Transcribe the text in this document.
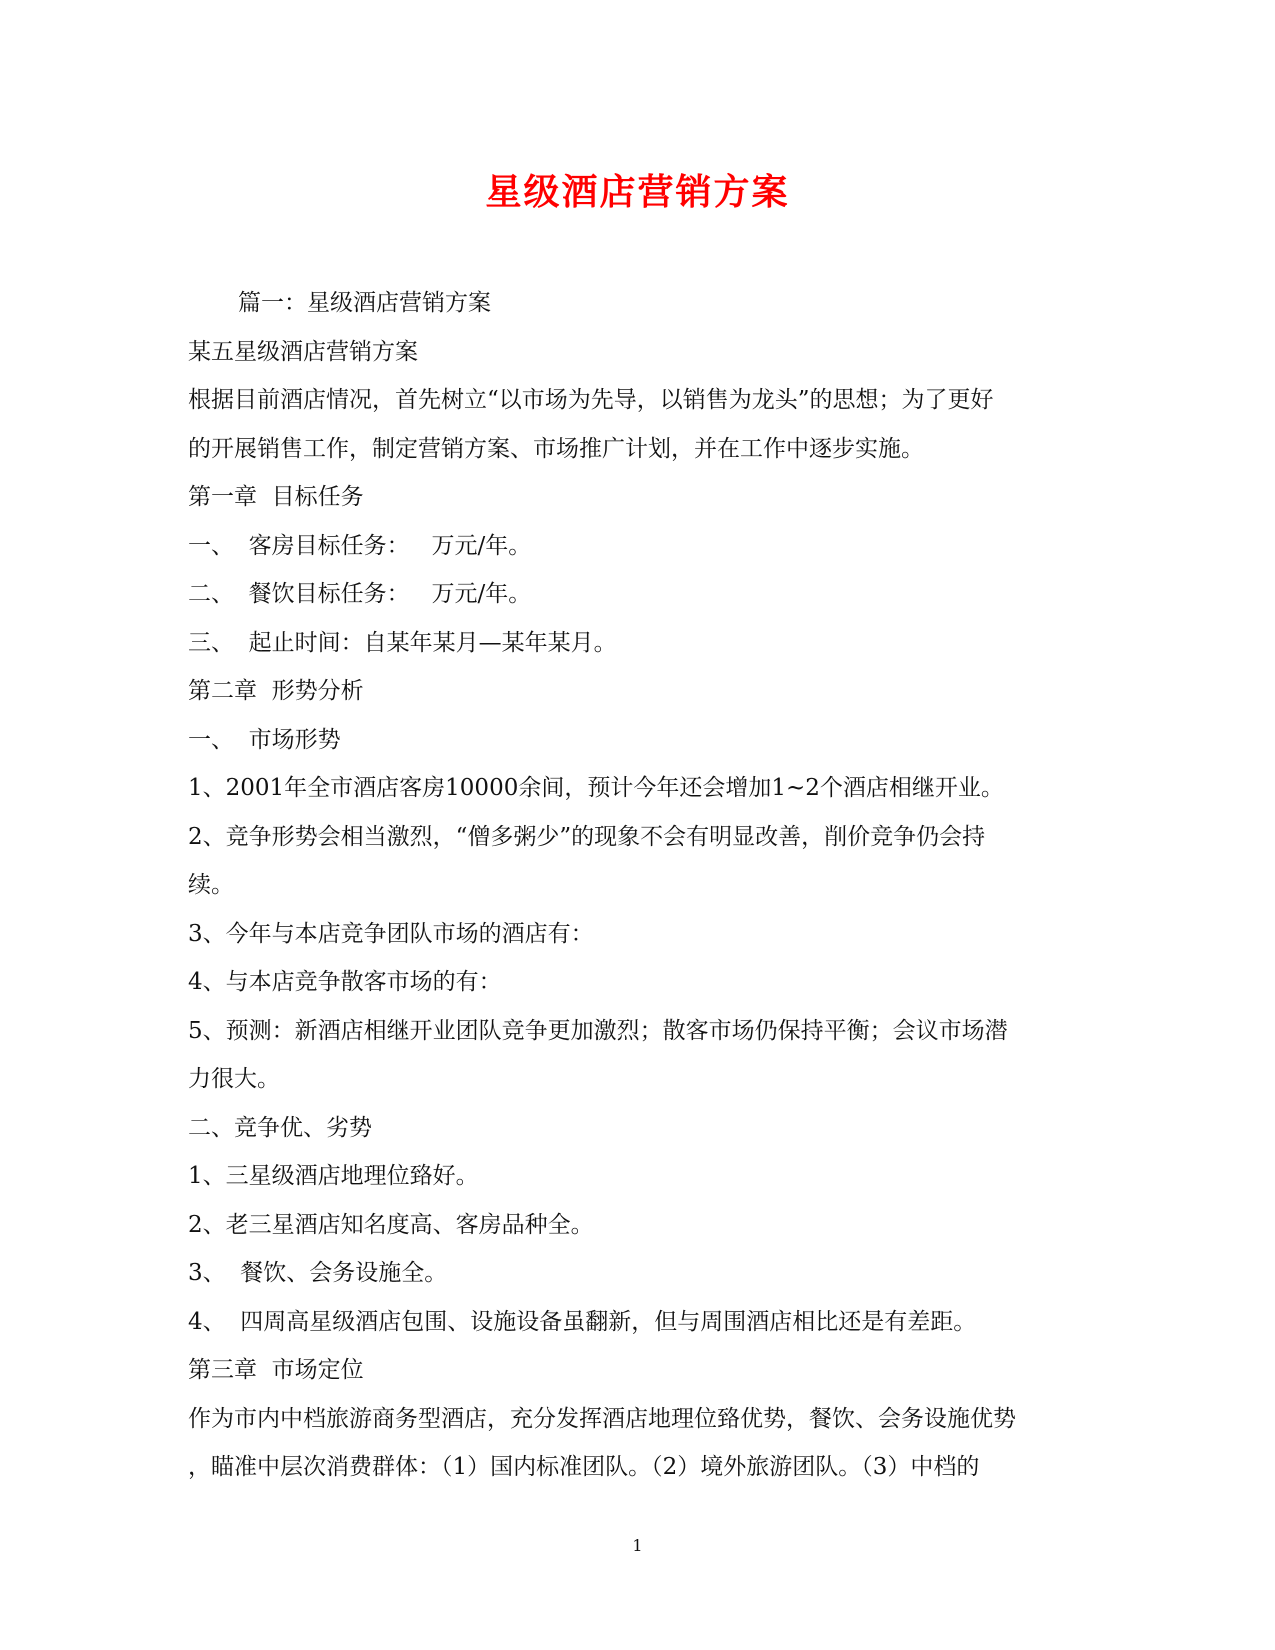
星级酒店营销方案

篇一：星级酒店营销方案

某五星级酒店营销方案

根据目前酒店情况，首先树立“以市场为先导，以销售为龙头”的思想；为了更好

的开展销售工作，制定营销方案、市场推广计划，并在工作中逐步实施。

第一章  目标任务

一、  客房目标任务：   万元/年。

二、  餐饮目标任务：   万元/年。

三、  起止时间：自某年某月—某年某月。

第二章  形势分析

一、  市场形势

1、2001年全市酒店客房10000余间，预计今年还会增加1~2个酒店相继开业。

2、竞争形势会相当激烈，“僧多粥少”的现象不会有明显改善，削价竞争仍会持

续。

3、今年与本店竞争团队市场的酒店有：

4、与本店竞争散客市场的有：

5、预测：新酒店相继开业团队竞争更加激烈；散客市场仍保持平衡；会议市场潜

力很大。

二、竞争优、劣势

1、三星级酒店地理位臵好。

2、老三星酒店知名度高、客房品种全。

3、  餐饮、会务设施全。

4、  四周高星级酒店包围、设施设备虽翻新，但与周围酒店相比还是有差距。

第三章  市场定位

作为市内中档旅游商务型酒店，充分发挥酒店地理位臵优势，餐饮、会务设施优势

，瞄准中层次消费群体：（1）国内标准团队。（2）境外旅游团队。（3）中档的

1
